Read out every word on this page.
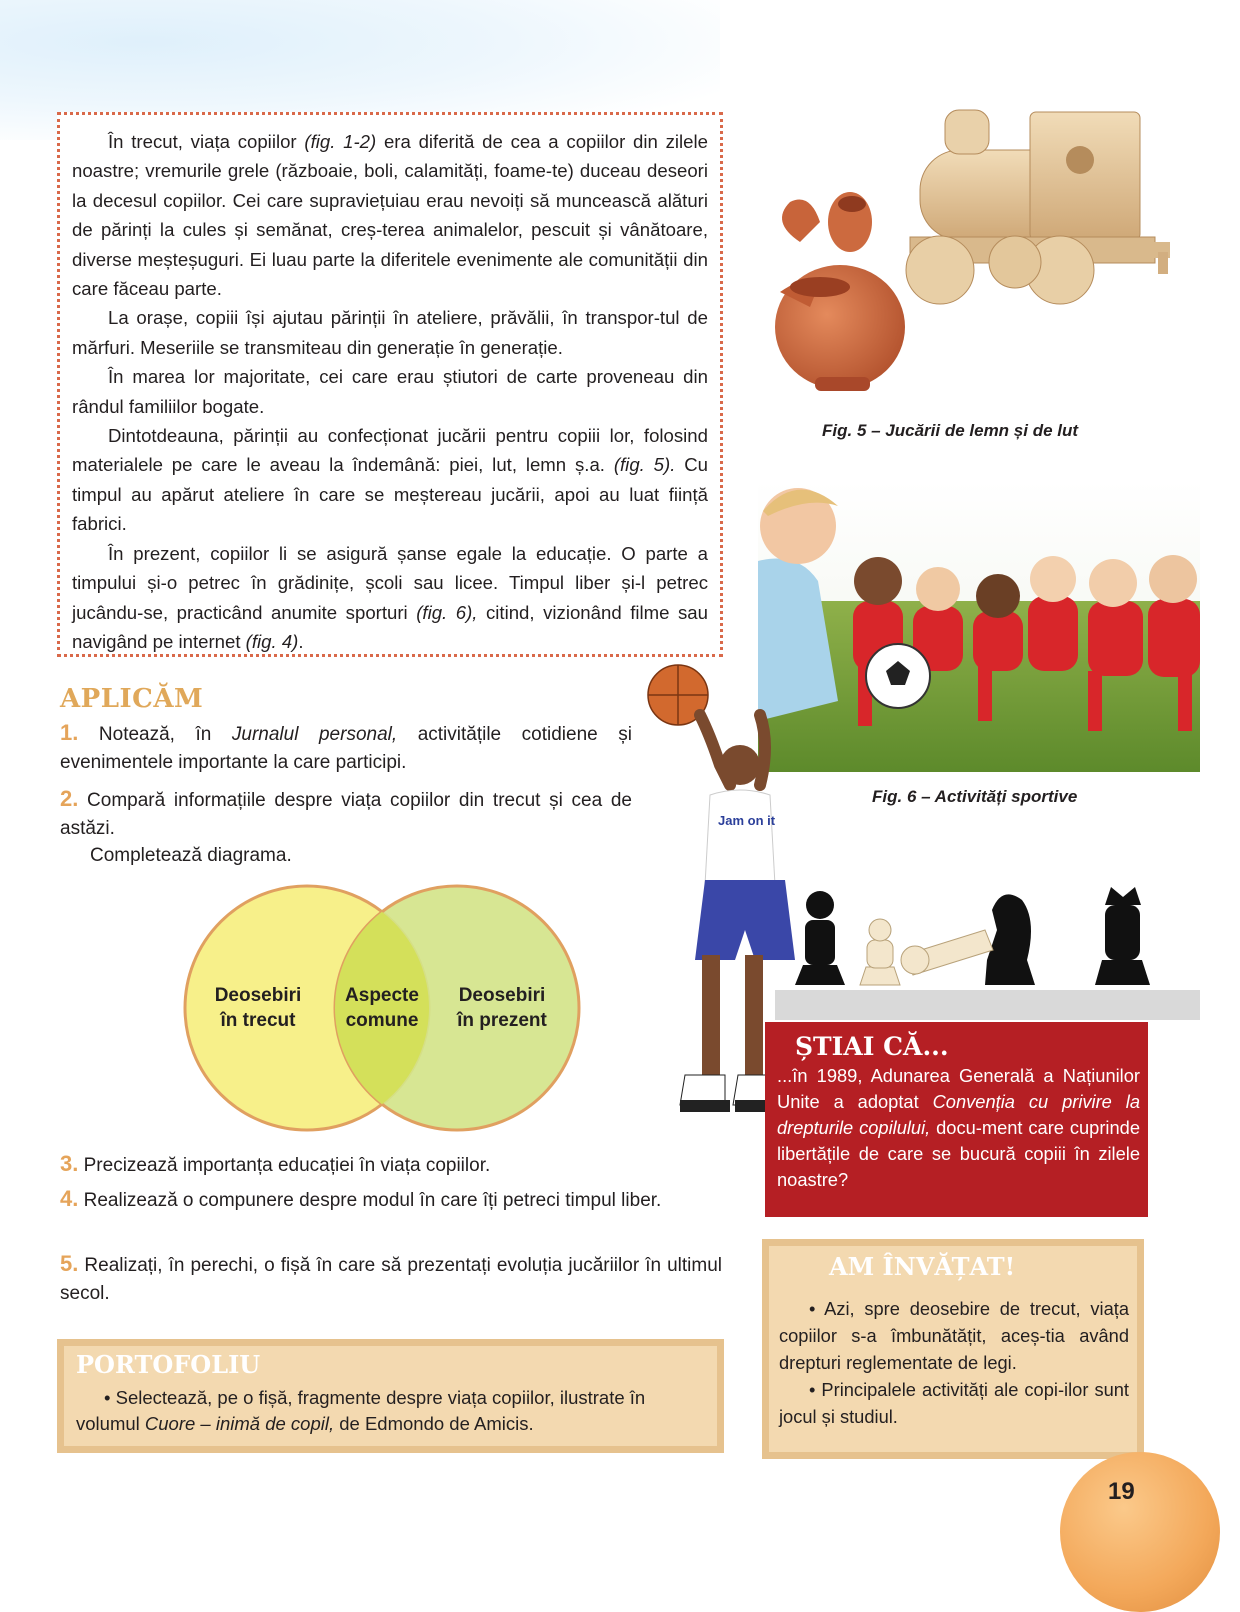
În trecut, viața copiilor (fig. 1-2) era diferită de cea a copiilor din zilele noastre; vremurile grele (războaie, boli, calamități, foame-te) duceau deseori la decesul copiilor. Cei care supraviețuiau erau nevoiți să muncească alături de părinți la cules și semănat, creș-terea animalelor, pescuit și vânătoare, diverse meșteșuguri. Ei luau parte la diferitele evenimente ale comunității din care făceau parte.

La orașe, copiii își ajutau părinții în ateliere, prăvălii, în transpor-tul de mărfuri. Meseriile se transmiteau din generație în generație.

În marea lor majoritate, cei care erau știutori de carte proveneau din rândul familiilor bogate.

Dintotdeauna, părinții au confecționat jucării pentru copiii lor, folosind materialele pe care le aveau la îndemână: piei, lut, lemn ș.a. (fig. 5). Cu timpul au apărut ateliere în care se meștereau jucării, apoi au luat ființă fabrici.

În prezent, copiilor li se asigură șanse egale la educație. O parte a timpului și-o petrec în grădinițe, școli sau licee. Timpul liber și-l petrec jucându-se, practicând anumite sporturi (fig. 6), citind, vizionând filme sau navigând pe internet (fig. 4).

Fig. 5 – Jucării de lemn și de lut
Fig. 6 – Activități sportive
Jam on it
APLICĂM
1. Notează, în Jurnalul personal, activitățile cotidiene și evenimentele importante la care participi.
2. Compară informațiile despre viața copiilor din trecut și cea de astăzi.
Completează diagrama.
Deosebiri
în trecut
Aspecte
comune
Deosebiri
în prezent
3. Precizează importanța educației în viața copiilor.
4. Realizează o compunere despre modul în care îți petreci timpul liber.
5. Realizați, în perechi, o fișă în care să prezentați evoluția jucăriilor în ultimul secol.
ȘTIAI CĂ...

...în 1989, Adunarea Generală a Națiunilor Unite a adoptat Convenția cu privire la drepturile copilului, docu-ment care cuprinde libertățile de care se bucură copiii în zilele noastre?

AM ÎNVĂȚAT!

• Azi, spre deosebire de trecut, viața copiilor s-a îmbunătățit, aceș-tia având drepturi reglementate de legi.

• Principalele activități ale copi-ilor sunt jocul și studiul.

PORTOFOLIU

• Selectează, pe o fișă, fragmente despre viața copiilor, ilustrate în volumul Cuore – inimă de copil, de Edmondo de Amicis.

19
